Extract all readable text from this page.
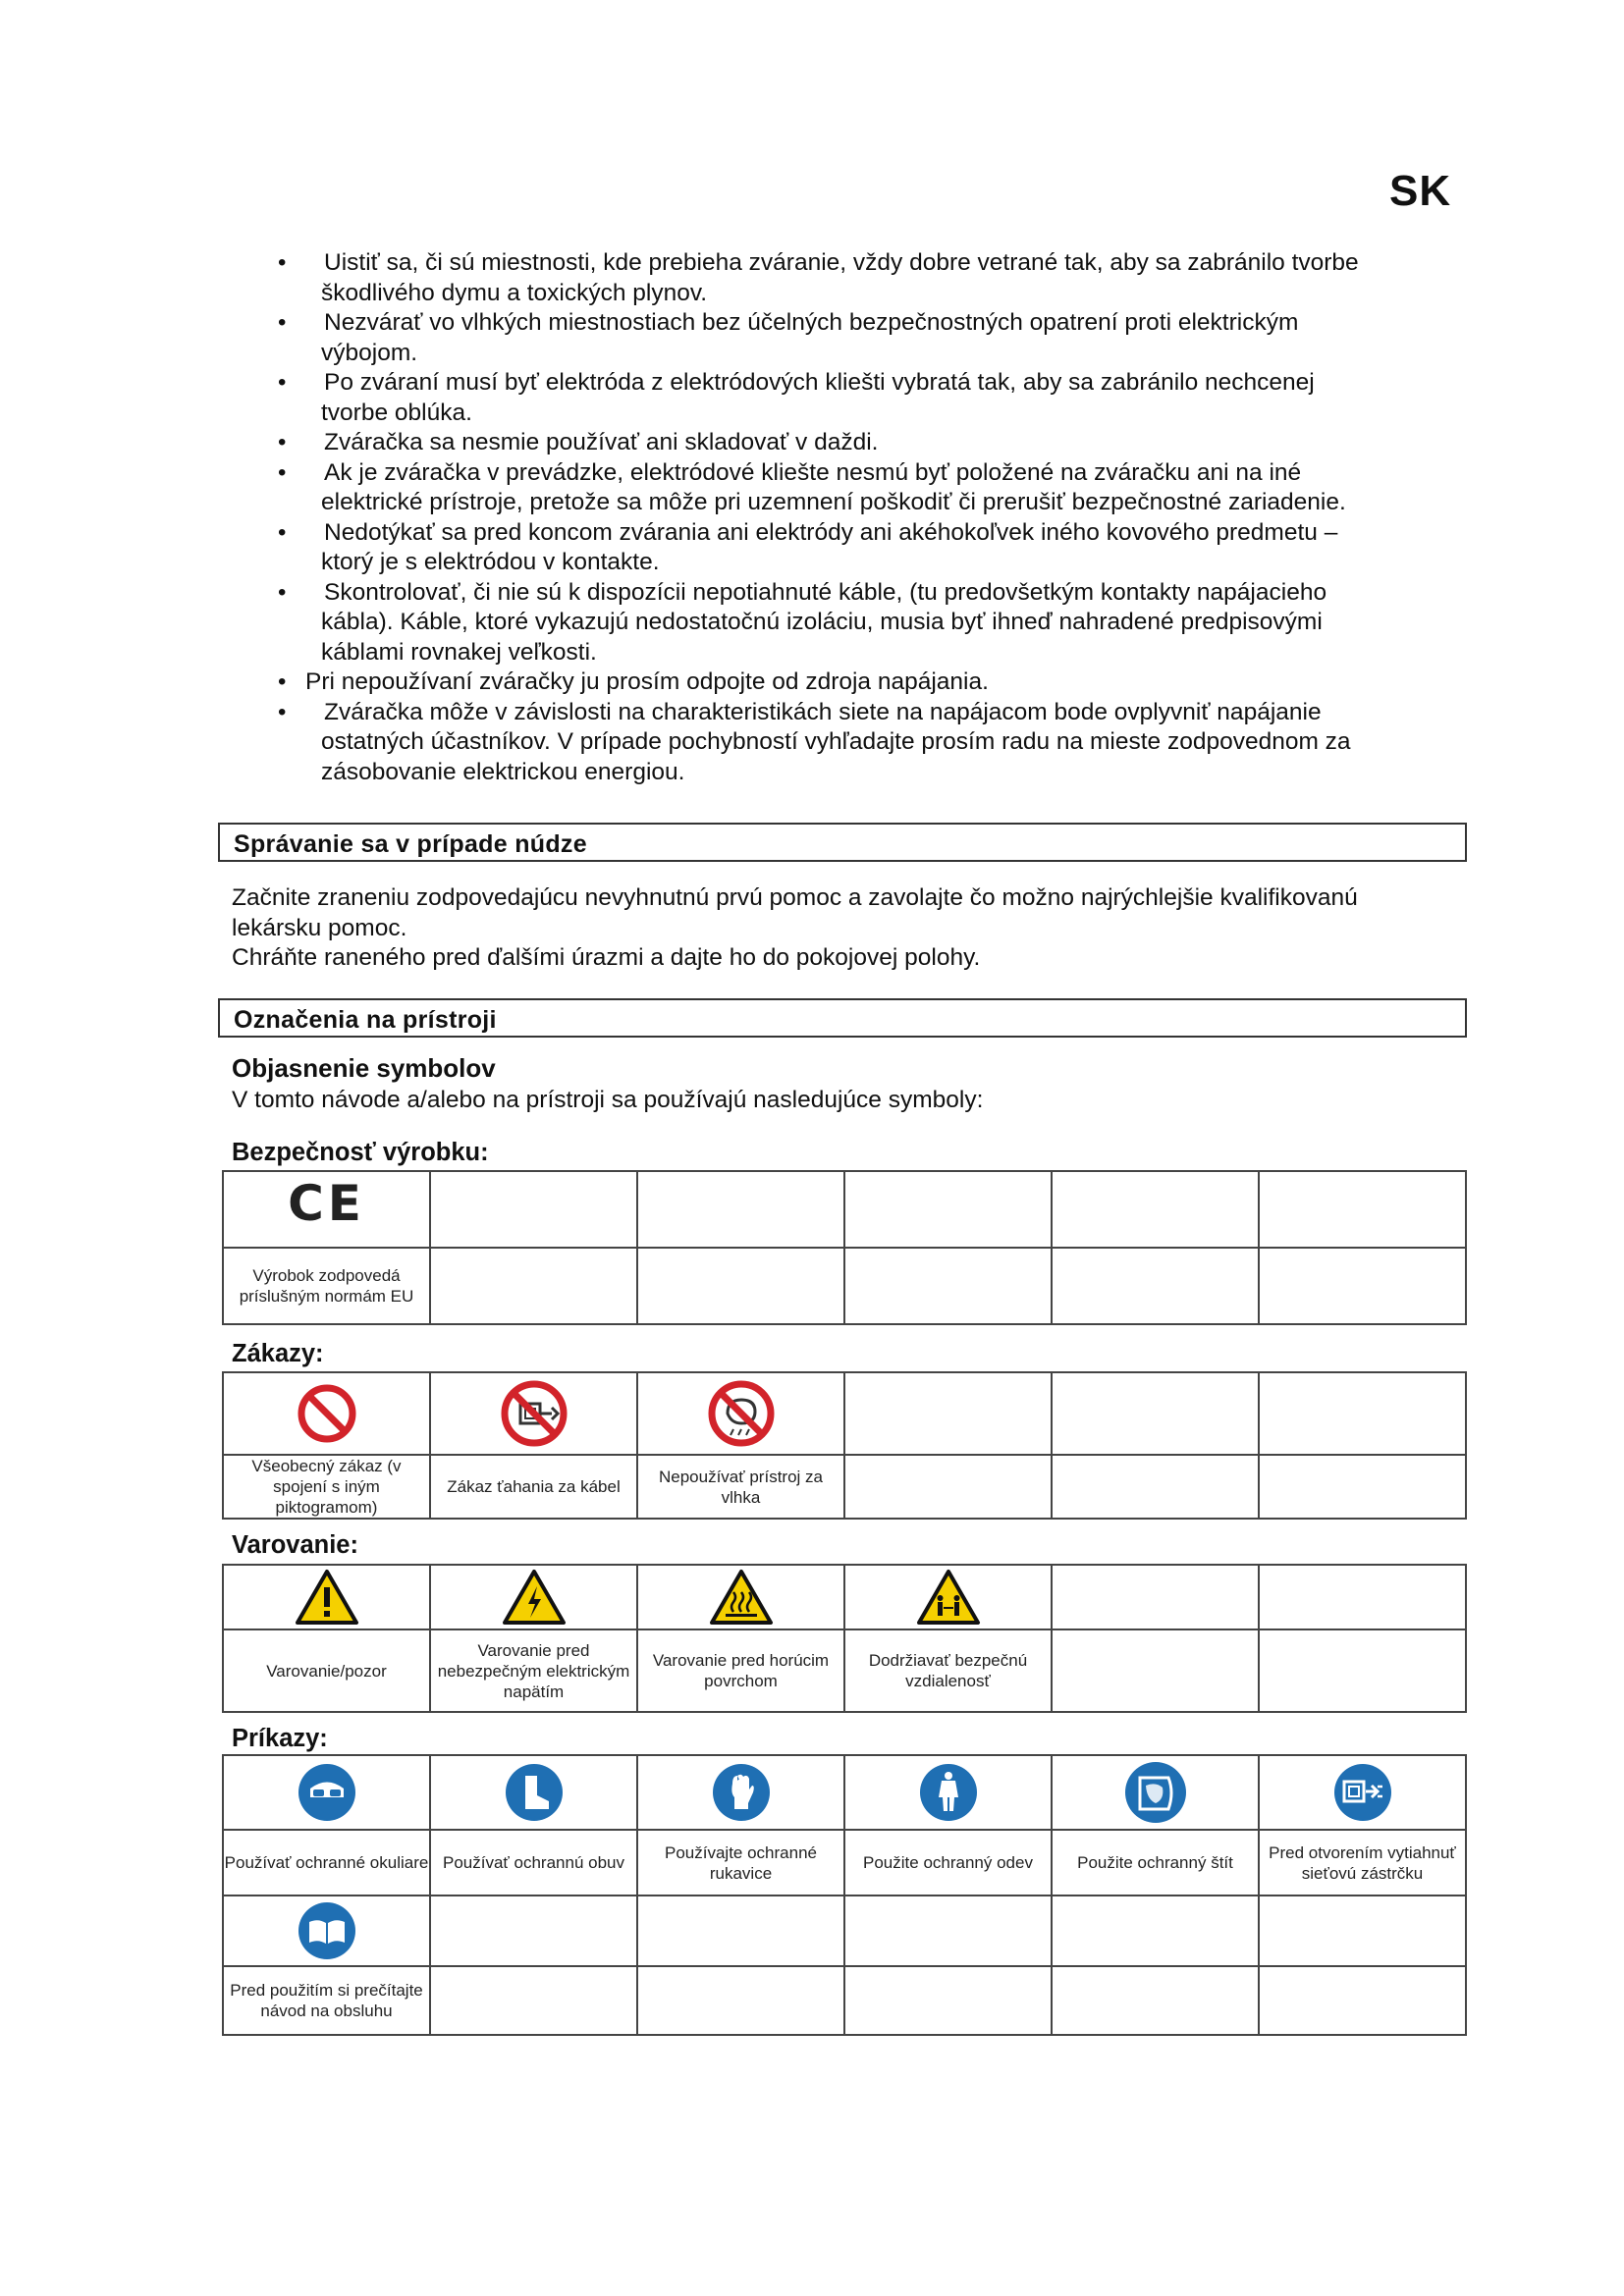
SK
• Uistiť sa, či sú miestnosti, kde prebieha zváranie, vždy dobre vetrané tak, aby sa zabránilo tvorbe
škodlivého dymu a toxických plynov.
• Nezvárať vo vlhkých miestnostiach bez účelných bezpečnostných opatrení proti elektrickým
výbojom.
• Po zváraní musí byť elektróda z elektródových kliešti vybratá tak, aby sa zabránilo nechcenej
tvorbe oblúka.
• Zváračka sa nesmie používať ani skladovať v daždi.
• Ak je zváračka v prevádzke, elektródové kliešte nesmú byť položené na zváračku ani na iné
elektrické prístroje, pretože sa môže pri uzemnení poškodiť či prerušiť bezpečnostné zariadenie.
• Nedotýkať sa pred koncom zvárania ani elektródy ani akéhokoľvek iného kovového predmetu –
ktorý je s elektródou v kontakte.
• Skontrolovať, či nie sú k dispozícii nepotiahnuté káble, (tu predovšetkým kontakty napájacieho
kábla). Káble, ktoré vykazujú nedostatočnú izoláciu, musia byť ihneď nahradené predpisovými
káblami rovnakej veľkosti.
• Pri nepoužívaní zváračky ju prosím odpojte od zdroja napájania.
• Zváračka môže v závislosti na charakteristikách siete na napájacom bode ovplyvniť napájanie
ostatných účastníkov. V prípade pochybností vyhľadajte prosím radu na mieste zodpovednom za
zásobovanie elektrickou energiou.
Správanie sa v prípade núdze
Začnite zraneniu zodpovedajúcu nevyhnutnú prvú pomoc a zavolajte čo možno najrýchlejšie kvalifikovanú
lekársku pomoc.
Chráňte raneného pred ďalšími úrazmi a dajte ho do pokojovej polohy.
Označenia na prístroji
Objasnenie symbolov
V tomto návode a/alebo na prístroji sa používajú nasledujúce symboly:
Bezpečnosť výrobku:
CE					
Výrobok zodpovedá príslušným normám EU					
Zákazy:

Všeobecný zákaz (v spojení s iným piktogramom)	Zákaz ťahania za kábel	Nepoužívať prístroj za vlhka			
Varovanie:

Varovanie/pozor	Varovanie pred nebezpečným elektrickým napätím	Varovanie pred horúcim povrchom	Dodržiavať bezpečnú vzdialenosť		
Príkazy:

Používať ochranné okuliare	Používať ochrannú obuv	Používajte ochranné rukavice	Použite ochranný odev	Použite ochranný štít	Pred otvorením vytiahnuť sieťovú zástrčku

Pred použitím si prečítajte návod na obsluhu					
